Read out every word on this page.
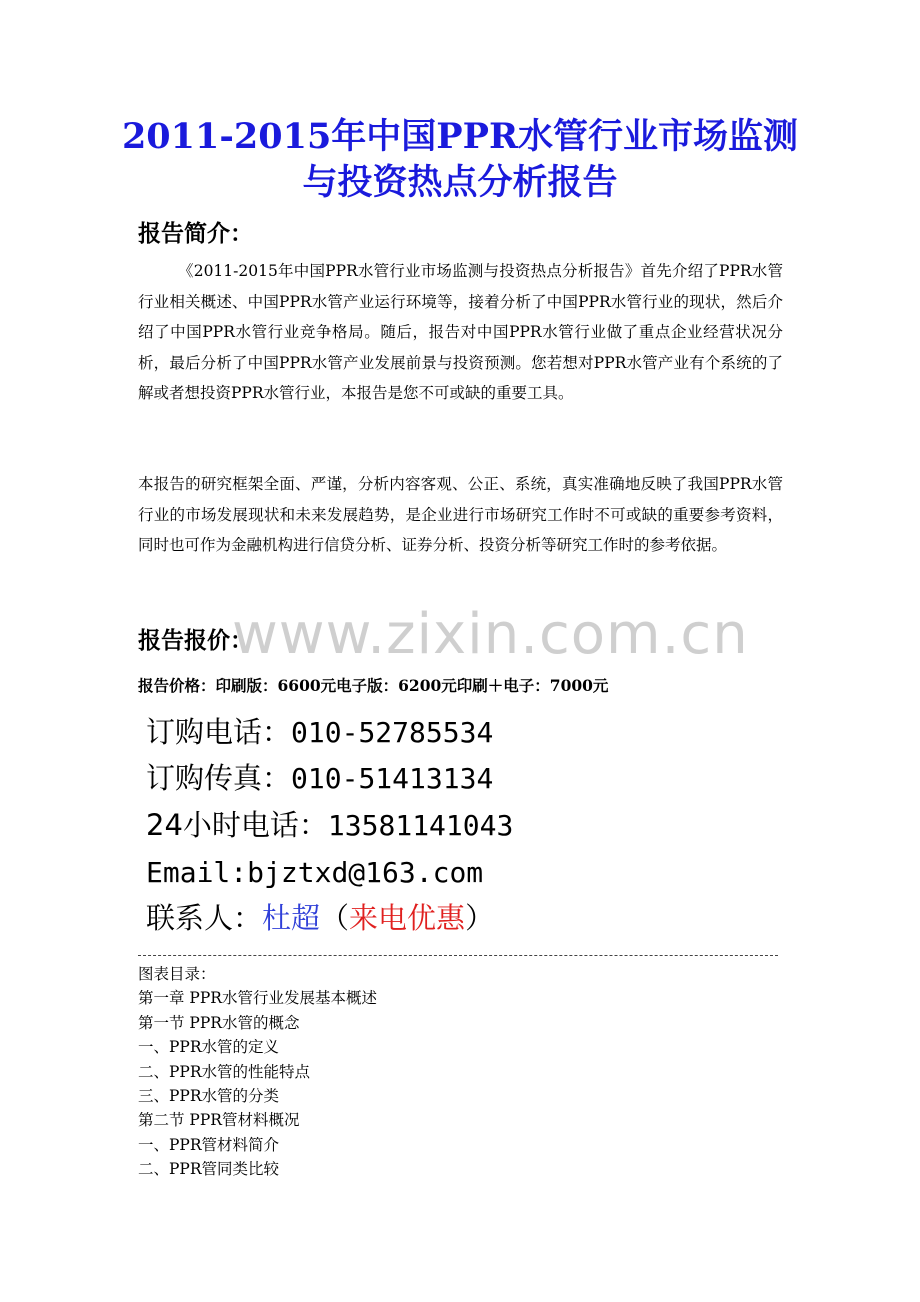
2011-2015年中国PPR水管行业市场监测
与投资热点分析报告
报告简介：
《2011-2015年中国PPR水管行业市场监测与投资热点分析报告》首先介绍了PPR水管行业相关概述、中国PPR水管产业运行环境等，接着分析了中国PPR水管行业的现状，然后介绍了中国PPR水管行业竞争格局。随后，报告对中国PPR水管行业做了重点企业经营状况分析，最后分析了中国PPR水管产业发展前景与投资预测。您若想对PPR水管产业有个系统的了解或者想投资PPR水管行业，本报告是您不可或缺的重要工具。
本报告的研究框架全面、严谨，分析内容客观、公正、系统，真实准确地反映了我国PPR水管行业的市场发展现状和未来发展趋势，是企业进行市场研究工作时不可或缺的重要参考资料，同时也可作为金融机构进行信贷分析、证券分析、投资分析等研究工作时的参考依据。
www.zixin.com.cn
报告报价：
报告价格：印刷版：6600元电子版：6200元印刷＋电子：7000元
订购电话：010-52785534
订购传真：010-51413134
24小时电话：13581141043
Email:bjztxd@163.com
联系人：杜超（来电优惠）
图表目录：
第一章 PPR水管行业发展基本概述
第一节 PPR水管的概念
一、PPR水管的定义
二、PPR水管的性能特点
三、PPR水管的分类
第二节 PPR管材料概况
一、PPR管材料简介
二、PPR管同类比较
